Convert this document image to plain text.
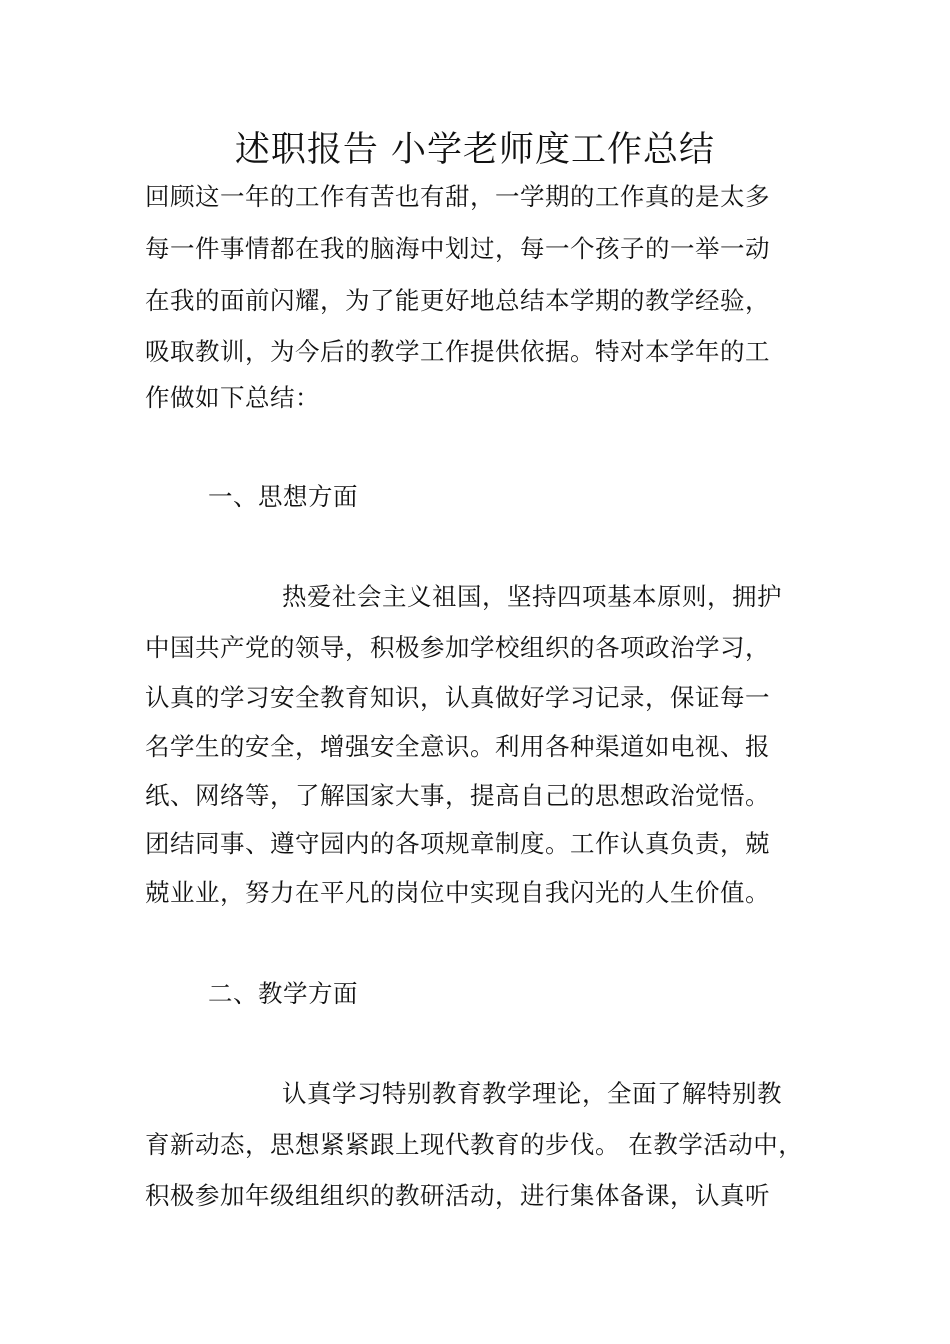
述职报告 小学老师度工作总结
回顾这一年的工作有苦也有甜，一学期的工作真的是太多
每一件事情都在我的脑海中划过，每一个孩子的一举一动
在我的面前闪耀，为了能更好地总结本学期的教学经验，
吸取教训，为今后的教学工作提供依据。特对本学年的工
作做如下总结：
一、思想方面
热爱社会主义祖国，坚持四项基本原则，拥护
中国共产党的领导，积极参加学校组织的各项政治学习，
认真的学习安全教育知识，认真做好学习记录，保证每一
名学生的安全，增强安全意识。利用各种渠道如电视、报
纸、网络等，了解国家大事，提高自己的思想政治觉悟。
团结同事、遵守园内的各项规章制度。工作认真负责，兢
兢业业，努力在平凡的岗位中实现自我闪光的人生价值。
二、教学方面
认真学习特别教育教学理论，全面了解特别教
育新动态，思想紧紧跟上现代教育的步伐。 在教学活动中，
积极参加年级组组织的教研活动，进行集体备课，认真听
